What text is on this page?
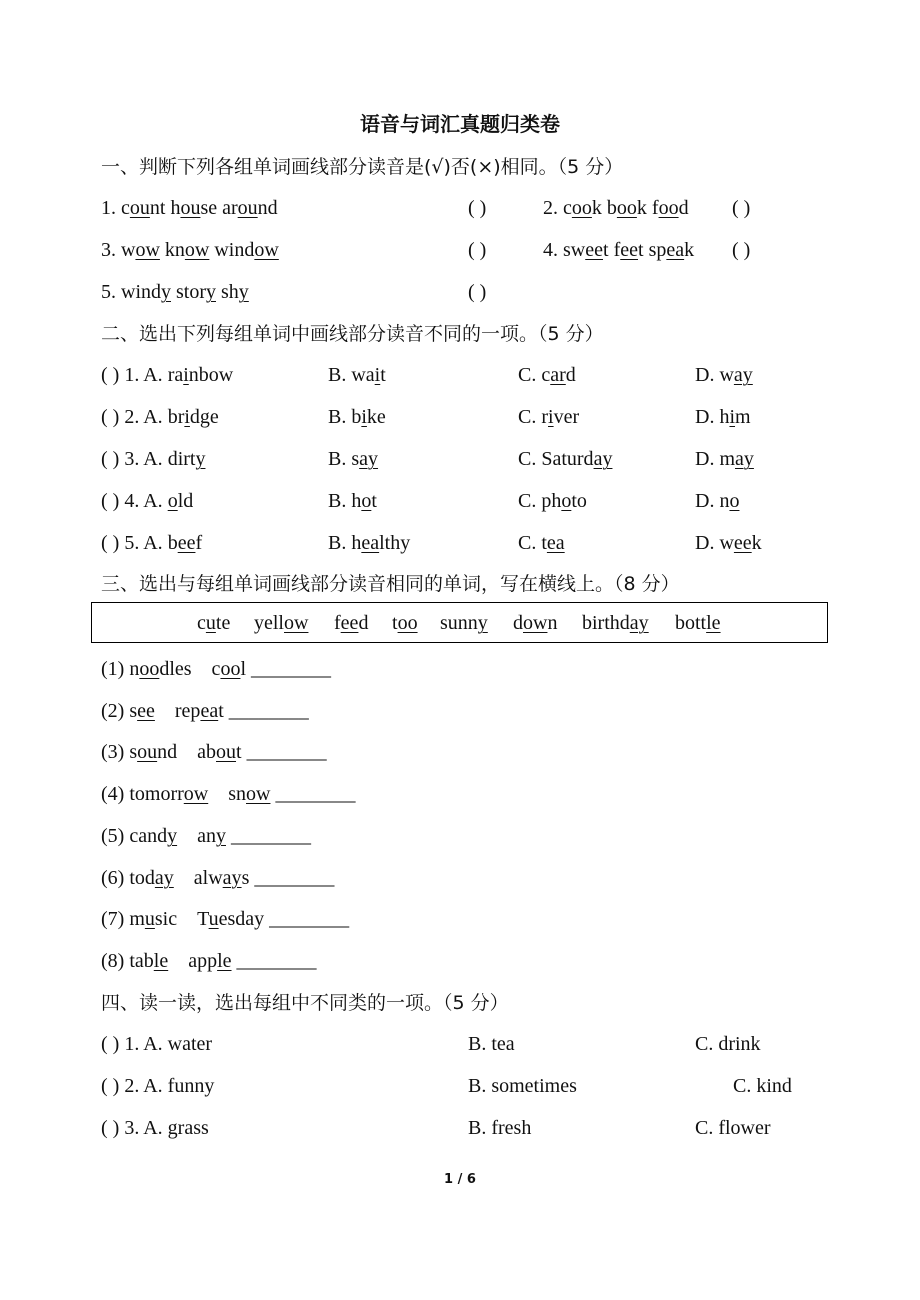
语音与词汇真题归类卷
一、判断下列各组单词画线部分读音是(√)否(×)相同。（5 分）
1. count house around	( )	2. cook book food ( )
3. wow know window	( )	4. sweet feet speak ( )
5. windy story shy	( )
二、选出下列每组单词中画线部分读音不同的一项。（5 分）
( ) 1. A. rainbow	B. wait	C. card	D. way
( ) 2. A. bridge	B. bike	C. river	D. him
( ) 3. A. dirty	B. say	C. Saturday	D. may
( ) 4. A. old	B. hot	C. photo	D. no
( ) 5. A. beef	B. healthy	C. tea	D. week
三、选出与每组单词画线部分读音相同的单词，写在横线上。（8 分）
cute yellow feed too sunny down birthday bottle
(1) noodles cool ________
(2) see repeat ________
(3) sound about ________
(4) tomorrow snow ________
(5) candy any ________
(6) today always ________
(7) music Tuesday ________
(8) table apple ________
四、读一读，选出每组中不同类的一项。（5 分）
( ) 1. A. water	B. tea	C. drink
( ) 2. A. funny	B. sometimes	C. kind
( ) 3. A. grass	B. fresh	C. flower
1 / 6
